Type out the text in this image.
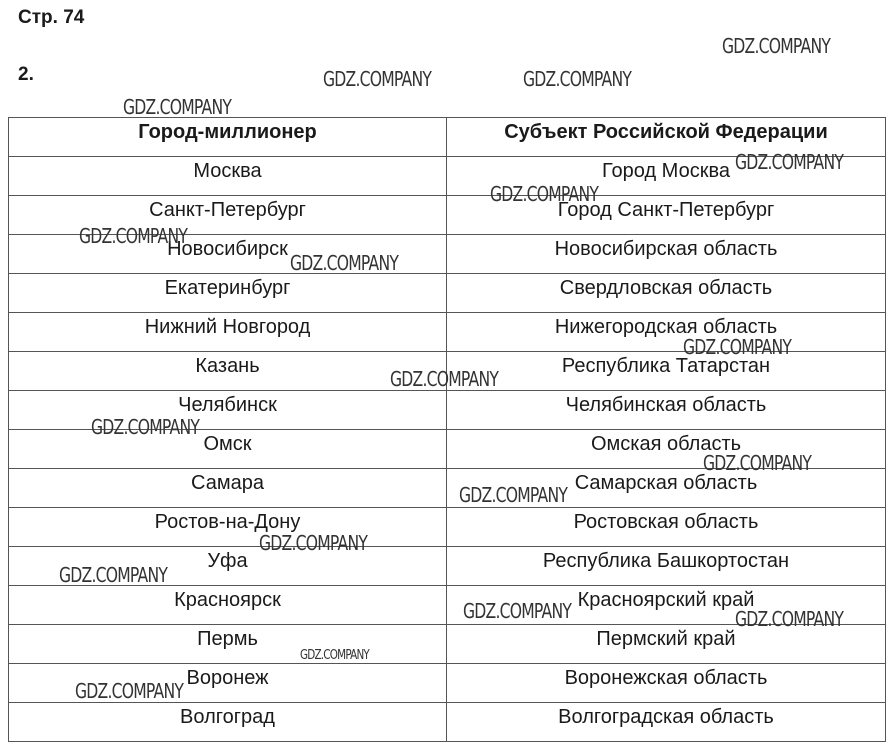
Стр. 74
2.
Город-миллионер	Субъект Российской Федерации
Москва	Город Москва
Санкт-Петербург	Город Санкт-Петербург
Новосибирск	Новосибирская область
Екатеринбург	Свердловская область
Нижний Новгород	Нижегородская область
Казань	Республика Татарстан
Челябинск	Челябинская область
Омск	Омская область
Самара	Самарская область
Ростов-на-Дону	Ростовская область
Уфа	Республика Башкортостан
Красноярск	Красноярский край
Пермь	Пермский край
Воронеж	Воронежская область
Волгоград	Волгоградская область
GDZ.COMPANY
GDZ.COMPANY	GDZ.COMPANY
GDZ.COMPANY
GDZ.COMPANY
GDZ.COMPANY
GDZ.COMPANY
GDZ.COMPANY
GDZ.COMPANY
GDZ.COMPANY
GDZ.COMPANY
GDZ.COMPANY
GDZ.COMPANY
GDZ.COMPANY
GDZ.COMPANY
GDZ.COMPANY	GDZ.COMPANY
GDZ.COMPANY
GDZ.COMPANY
